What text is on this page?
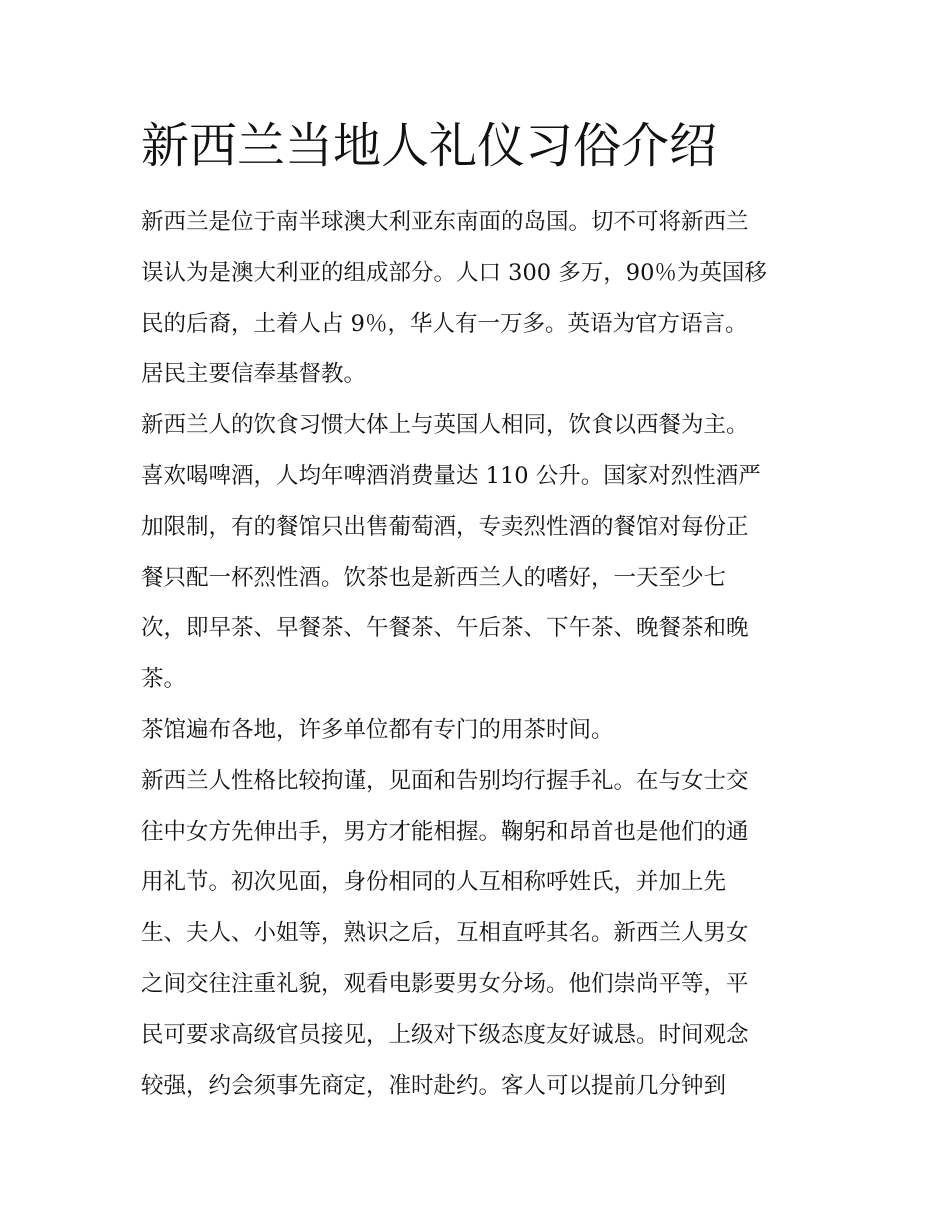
新西兰当地人礼仪习俗介绍

新西兰是位于南半球澳大利亚东南面的岛国。切不可将新西兰
误认为是澳大利亚的组成部分。人口 300 多万，90％为英国移
民的后裔，土着人占 9％，华人有一万多。英语为官方语言。
居民主要信奉基督教。

新西兰人的饮食习惯大体上与英国人相同，饮食以西餐为主。
喜欢喝啤酒，人均年啤酒消费量达 110 公升。国家对烈性酒严
加限制，有的餐馆只出售葡萄酒，专卖烈性酒的餐馆对每份正
餐只配一杯烈性酒。饮茶也是新西兰人的嗜好，一天至少七
次，即早茶、早餐茶、午餐茶、午后茶、下午茶、晚餐茶和晚
茶。

茶馆遍布各地，许多单位都有专门的用茶时间。

新西兰人性格比较拘谨，见面和告别均行握手礼。在与女士交
往中女方先伸出手，男方才能相握。鞠躬和昂首也是他们的通
用礼节。初次见面，身份相同的人互相称呼姓氏，并加上先
生、夫人、小姐等，熟识之后，互相直呼其名。新西兰人男女
之间交往注重礼貌，观看电影要男女分场。他们崇尚平等，平
民可要求高级官员接见，上级对下级态度友好诚恳。时间观念
较强，约会须事先商定，准时赴约。客人可以提前几分钟到
